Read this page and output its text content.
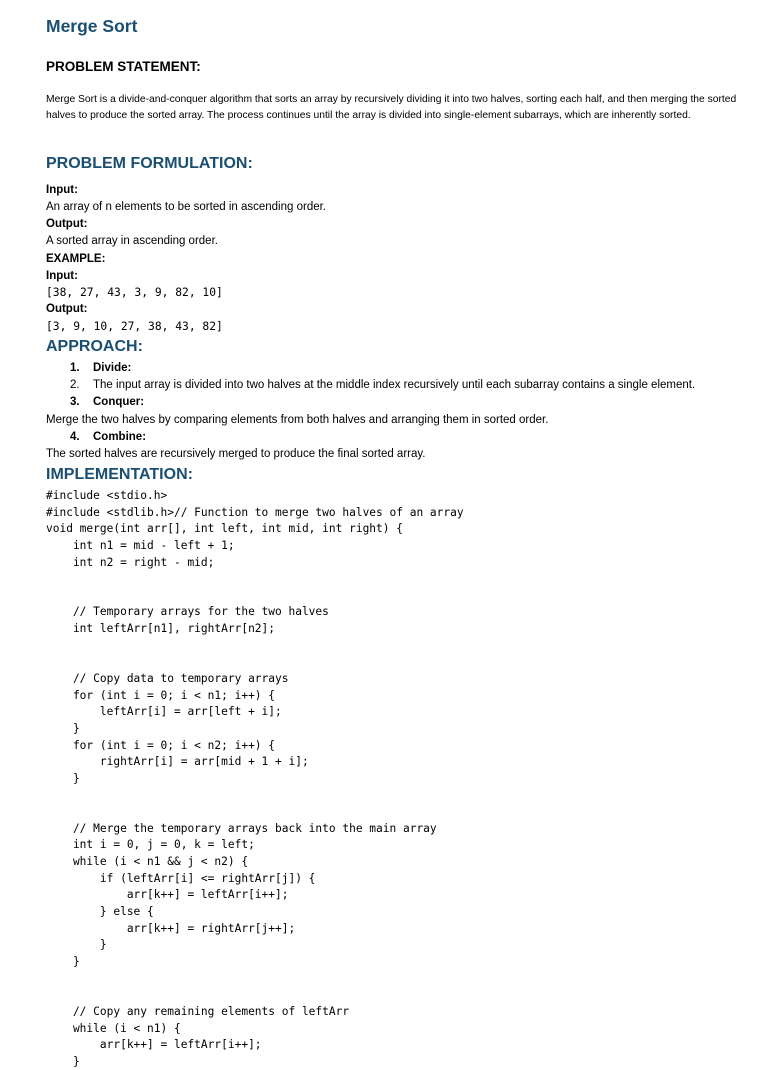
Merge Sort
PROBLEM STATEMENT:
Merge Sort is a divide-and-conquer algorithm that sorts an array by recursively dividing it into two halves, sorting each half, and then merging the sorted halves to produce the sorted array. The process continues until the array is divided into single-element subarrays, which are inherently sorted.
PROBLEM FORMULATION:
Input:
An array of n elements to be sorted in ascending order.
Output:
A sorted array in ascending order.
EXAMPLE:
Input:
[38, 27, 43, 3, 9, 82, 10]
Output:
[3, 9, 10, 27, 38, 43, 82]
APPROACH:
1. Divide:
2. The input array is divided into two halves at the middle index recursively until each subarray contains a single element.
3. Conquer:
Merge the two halves by comparing elements from both halves and arranging them in sorted order.
4. Combine:
The sorted halves are recursively merged to produce the final sorted array.
IMPLEMENTATION:
#include <stdio.h>
#include <stdlib.h>// Function to merge two halves of an array
void merge(int arr[], int left, int mid, int right) {
int n1 = mid - left + 1;
int n2 = right - mid;
// Temporary arrays for the two halves
int leftArr[n1], rightArr[n2];
// Copy data to temporary arrays
for (int i = 0; i < n1; i++) {
leftArr[i] = arr[left + i];
}
for (int i = 0; i < n2; i++) {
rightArr[i] = arr[mid + 1 + i];
}
// Merge the temporary arrays back into the main array
int i = 0, j = 0, k = left;
while (i < n1 && j < n2) {
if (leftArr[i] <= rightArr[j]) {
arr[k++] = leftArr[i++];
} else {
arr[k++] = rightArr[j++];
}
}
// Copy any remaining elements of leftArr
while (i < n1) {
arr[k++] = leftArr[i++];
}
